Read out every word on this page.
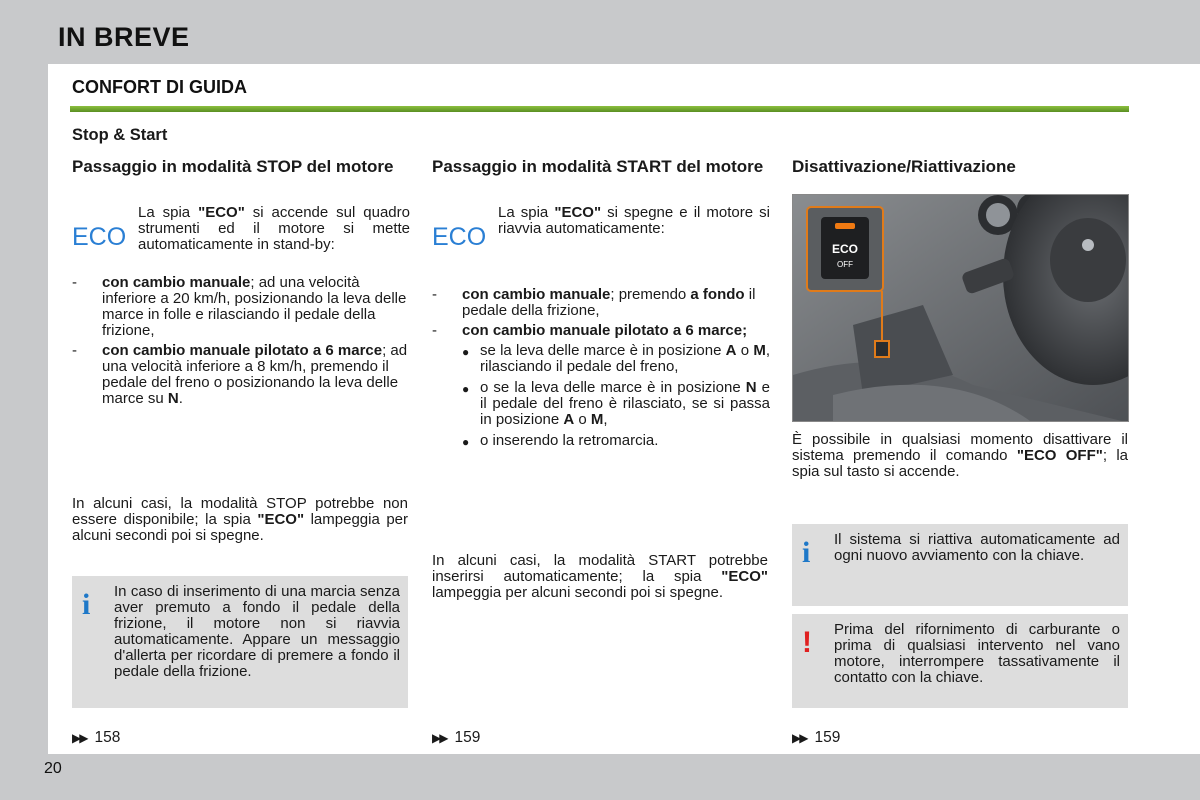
IN BREVE
CONFORT DI GUIDA
Stop & Start
Passaggio in modalità STOP del motore
ECO
La spia "ECO" si accende sul quadro strumenti ed il motore si mette automaticamente in stand-by:
-	con cambio manuale; ad una velocità inferiore a 20 km/h, posizionando la leva delle marce in folle e rilasciando il pedale della frizione,
-	con cambio manuale pilotato a 6 marce; ad una velocità inferiore a 8 km/h, premendo il pedale del freno o posizionando la leva delle marce su N.
In alcuni casi, la modalità STOP potrebbe non essere disponibile; la spia "ECO" lampeggia per alcuni secondi poi si spegne.
i	In caso di inserimento di una marcia senza aver premuto a fondo il pedale della frizione, il motore non si riavvia automaticamente. Appare un messaggio d'allerta per ricordare di premere a fondo il pedale della frizione.
▶▶ 158
Passaggio in modalità START del motore
ECO
La spia "ECO" si spegne e il motore si riavvia automaticamente:
-	con cambio manuale; premendo a fondo il pedale della frizione,
-	con cambio manuale pilotato a 6 marce;
● se la leva delle marce è in posizione A o M, rilasciando il pedale del freno,
● o se la leva delle marce è in posizione N e il pedale del freno è rilasciato, se si passa in posizione A o M,
● o inserendo la retromarcia.
In alcuni casi, la modalità START potrebbe inserirsi automaticamente; la spia "ECO" lampeggia per alcuni secondi poi si spegne.
▶▶ 159
Disattivazione/Riattivazione
ECO
OFF
È possibile in qualsiasi momento disattivare il sistema premendo il comando "ECO OFF"; la spia sul tasto si accende.
i	Il sistema si riattiva automaticamente ad ogni nuovo avviamento con la chiave.
!	Prima del rifornimento di carburante o prima di qualsiasi intervento nel vano motore, interrompere tassativamente il contatto con la chiave.
▶▶ 159
20
